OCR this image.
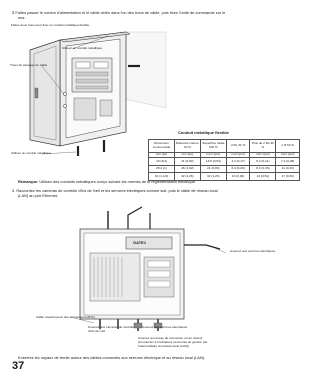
2 Faites passer le cordon d'alimentation et le câble vidéo dans l'un des trous de câble, puis fixez l'unité de commande sur le
mur.
Faites deux trous pour fixer un conduit métallique flexible.
Utilisez un conduit métallique.
Trous de passage de câble
Utilisez un conduit métallique.
Conduit métallique flexible
Dimension commerciale	Diamètre interne 10 %	Superficie totale 100 %	2 fils 31 %	Plus de 2 fils 40 %	1 fil 53 %
mm (po)	mm (po)	mm² (po²)	mm² (po²)	mm² (po²)	mm² (po²)
19 (3/4)	21 (0,82)	13,5 (0,53)	4,2 (0,17)	5,4 (0,21)	7,2 (0,28)
25,4 (1)	26 (1,02)	21 (0,83)	6,4 (0,26)	8,3 (0,33)	11 (0,43)
32 (1-1/4)	32 (1,26)	32 (1,26)	10 (0,40)	13 (0,51)	17 (0,66)
Remarque: Utilisez des conduits métalliques conçu suivant les normes de la réglementation électrique.
3. Raccordez les caméras de contrôle d'iris de l'œil et les serrures électriques comme suit, puis le câble de réseau local
(LAN) au port Ethernet.
GATE1
Amenez aux serrures électriques
Câble coaxial (avec des connecteurs BNC)
Amenez aux caméras de contrôle d'iris de l'œil
Amenez aux serrures électriques
Amenez au réseau de connexion ou au routeur
(Connectez à l'ordinateur personnel de gestion par
l'intermédiaire du réseau local (LAN))
Enserrez les noyaux de ferrite autour des câbles connectés aux serrures électrique et au réseau local (LAN).
37
